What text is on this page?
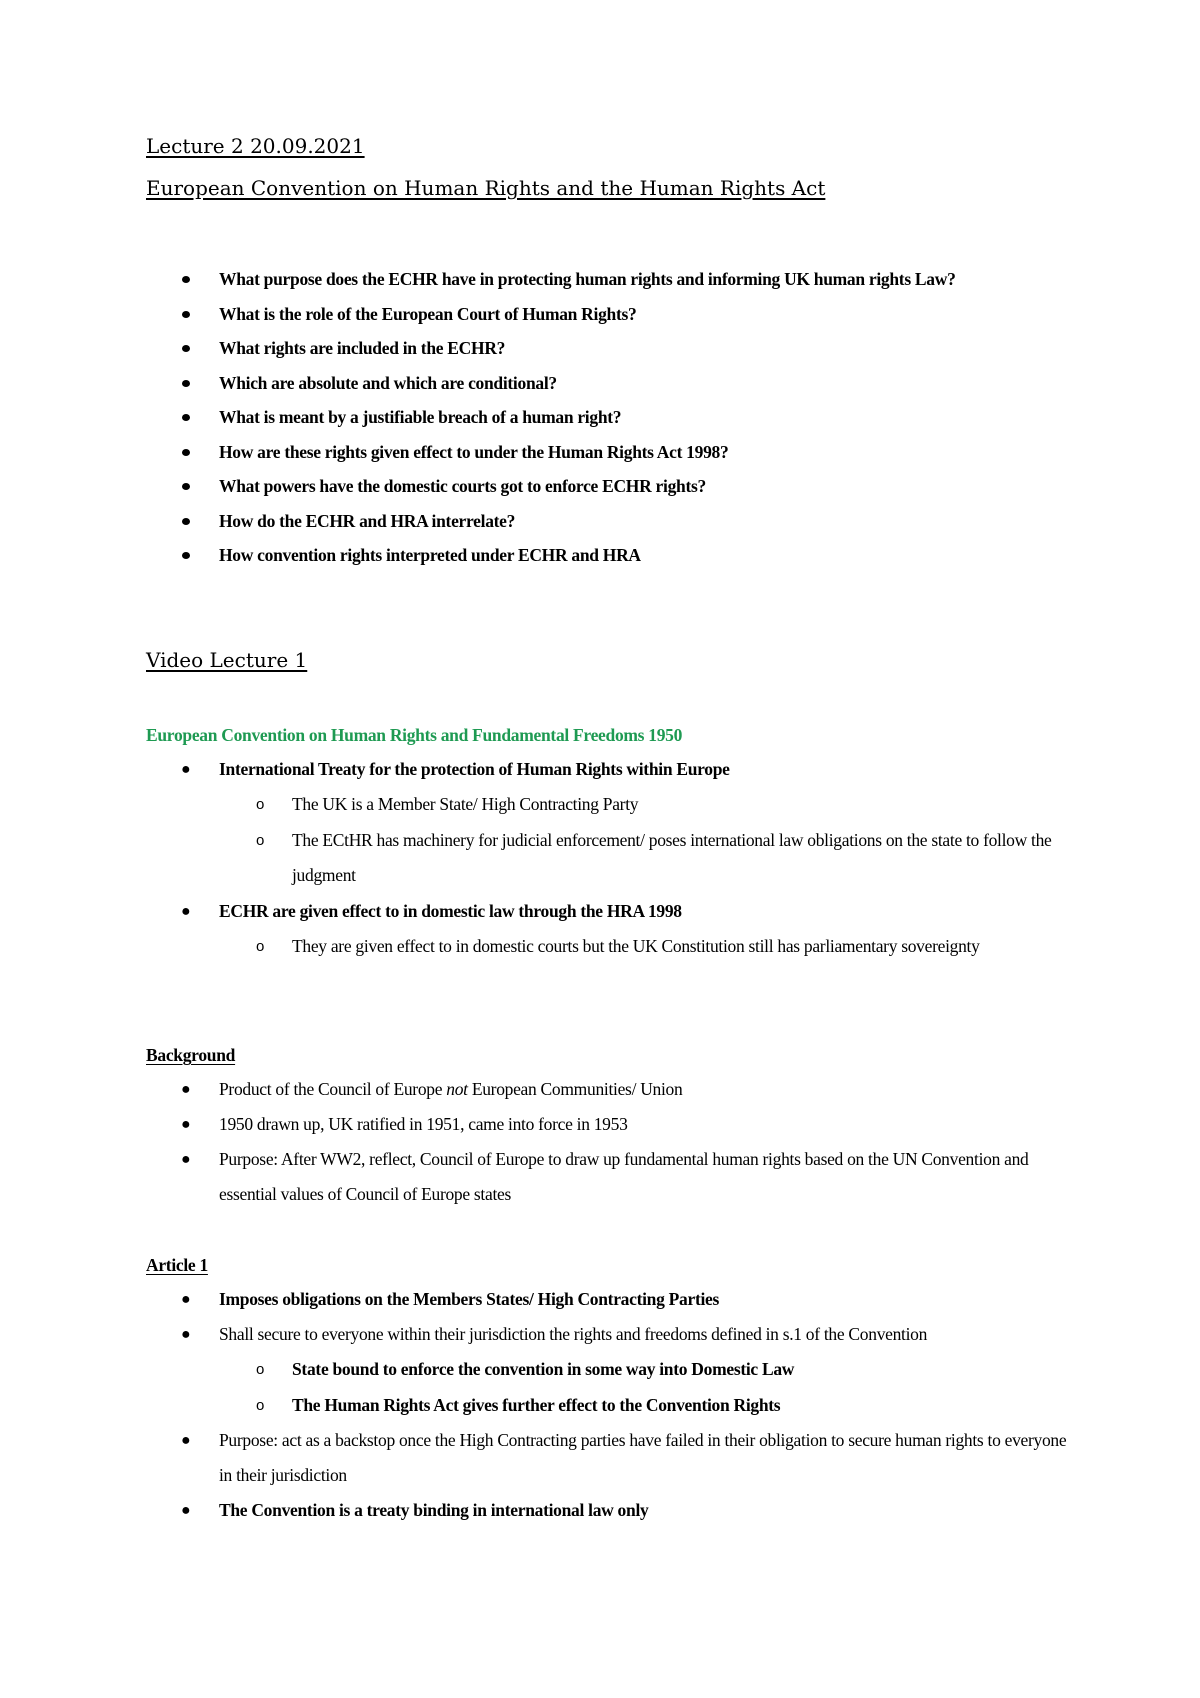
Lecture 2 20.09.2021
European Convention on Human Rights and the Human Rights Act
What purpose does the ECHR have in protecting human rights and informing UK human rights Law?
What is the role of the European Court of Human Rights?
What rights are included in the ECHR?
Which are absolute and which are conditional?
What is meant by a justifiable breach of a human right?
How are these rights given effect to under the Human Rights Act 1998?
What powers have the domestic courts got to enforce ECHR rights?
How do the ECHR and HRA interrelate?
How convention rights interpreted under ECHR and HRA
Video Lecture 1
European Convention on Human Rights and Fundamental Freedoms 1950
● International Treaty for the protection of Human Rights within Europe
o The UK is a Member State/ High Contracting Party
o The ECtHR has machinery for judicial enforcement/ poses international law obligations on the state to follow the judgment
● ECHR are given effect to in domestic law through the HRA 1998
o They are given effect to in domestic courts but the UK Constitution still has parliamentary sovereignty
Background
● Product of the Council of Europe not European Communities/ Union
● 1950 drawn up, UK ratified in 1951, came into force in 1953
● Purpose: After WW2, reflect, Council of Europe to draw up fundamental human rights based on the UN Convention and essential values of Council of Europe states
Article 1
● Imposes obligations on the Members States/ High Contracting Parties
● Shall secure to everyone within their jurisdiction the rights and freedoms defined in s.1 of the Convention
o State bound to enforce the convention in some way into Domestic Law
o The Human Rights Act gives further effect to the Convention Rights
● Purpose: act as a backstop once the High Contracting parties have failed in their obligation to secure human rights to everyone in their jurisdiction
● The Convention is a treaty binding in international law only
